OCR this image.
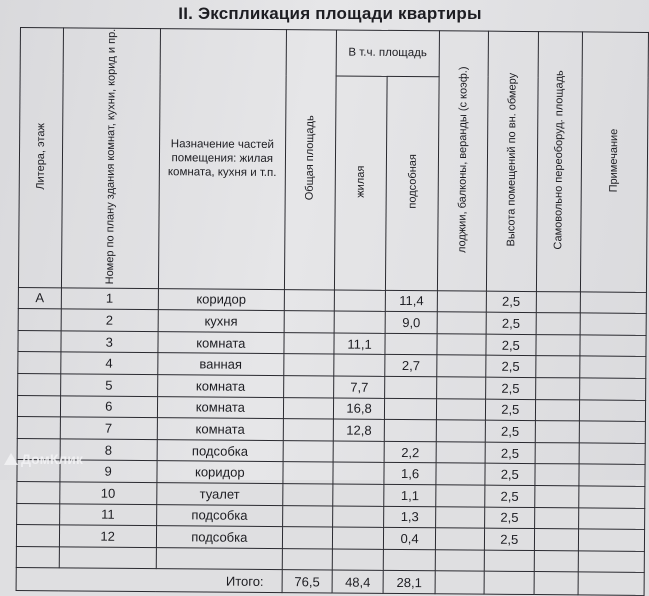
II. Экспликация площади квартиры
Литера, этаж	Номер по плану здания комнат, кухни, корид и пр.	Назначение частей помещения: жилая комната, кухня и т.п.	Общая площадь	В т.ч. площадь		лоджии, балконы, веранды (с коэф.)	Высота помещений по вн. обмеру	Самовольно переоборуд. площадь	Примечание
				жилая	подсобная				
А	1	коридор			11,4		2,5		
	2	кухня			9,0		2,5		
	3	комната		11,1			2,5		
	4	ванная			2,7		2,5		
	5	комната		7,7			2,5		
	6	комната		16,8			2,5		
	7	комната		12,8			2,5		
	8	подсобка			2,2		2,5		
	9	коридор			1,6		2,5		
	10	туалет			1,1		2,5		
	11	подсобка			1,3		2,5		
	12	подсобка			0,4		2,5		

Итого:			76,5	48,4	28,1				
ДомКлик
